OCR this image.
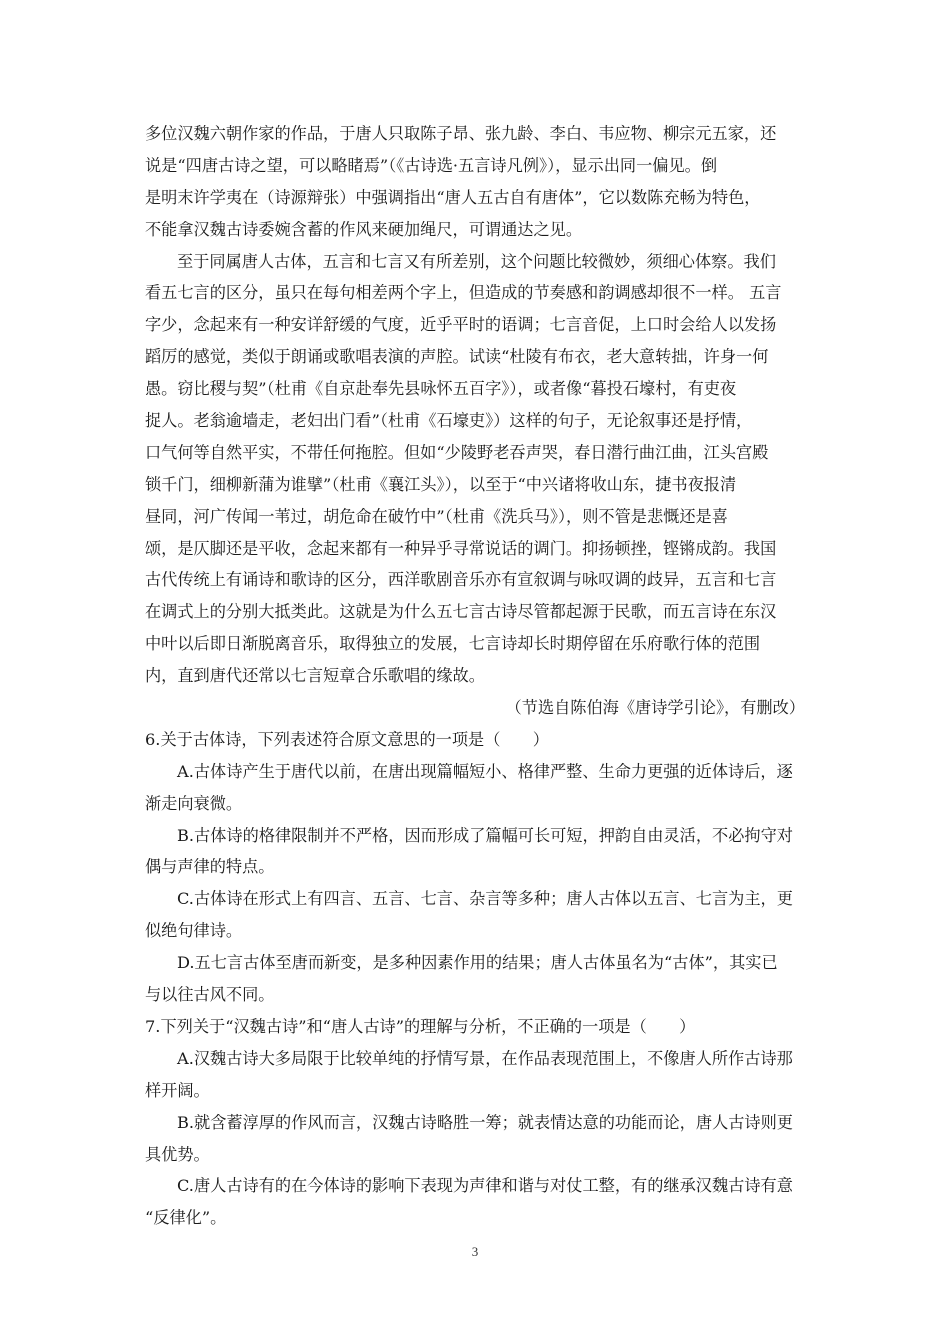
多位汉魏六朝作家的作品，于唐人只取陈子昂、张九龄、李白、韦应物、柳宗元五家，还
说是“四唐古诗之望，可以略睹焉”（《古诗选·五言诗凡例》），显示出同一偏见。倒
是明末许学夷在（诗源辩张）中强调指出“唐人五古自有唐体”，它以数陈充畅为特色，
不能拿汉魏古诗委婉含蓄的作风来硬加绳尺，可谓通达之见。
至于同属唐人古体，五言和七言又有所差别，这个问题比较微妙，须细心体察。我们
看五七言的区分，虽只在每句相差两个字上，但造成的节奏感和韵调感却很不一样。 五言
字少，念起来有一种安详舒缓的气度，近乎平时的语调；七言音促，上口时会给人以发扬
蹈厉的感觉，类似于朗诵或歌唱表演的声腔。试读“杜陵有布衣，老大意转拙，许身一何
愚。窃比稷与契”（杜甫《自京赴奉先县咏怀五百字》），或者像“暮投石壕村，有吏夜
捉人。老翁逾墙走，老妇出门看”（杜甫《石壕吏》）这样的句子，无论叙事还是抒情，
口气何等自然平实，不带任何拖腔。但如“少陵野老吞声哭，春日潜行曲江曲，江头宫殿
锁千门，细柳新蒲为谁擘”（杜甫《襄江头》），以至于“中兴诸将收山东，捷书夜报清
昼同，河广传闻一苇过，胡危命在破竹中”（杜甫《洗兵马》），则不管是悲慨还是喜
颂，是仄脚还是平收，念起来都有一种异乎寻常说话的调门。抑扬顿挫，铿锵成韵。我国
古代传统上有诵诗和歌诗的区分，西洋歌剧音乐亦有宣叙调与咏叹调的歧异，五言和七言
在调式上的分别大抵类此。这就是为什么五七言古诗尽管都起源于民歌，而五言诗在东汉
中叶以后即日渐脱离音乐，取得独立的发展，七言诗却长时期停留在乐府歌行体的范围
内，直到唐代还常以七言短章合乐歌唱的缘故。
（节选自陈伯海《唐诗学引论》，有删改）
6.关于古体诗，下列表述符合原文意思的一项是（　　）
A.古体诗产生于唐代以前，在唐出现篇幅短小、格律严整、生命力更强的近体诗后，逐
渐走向衰微。
B.古体诗的格律限制并不严格，因而形成了篇幅可长可短，押韵自由灵活，不必拘守对
偶与声律的特点。
C.古体诗在形式上有四言、五言、七言、杂言等多种；唐人古体以五言、七言为主，更
似绝句律诗。
D.五七言古体至唐而新变，是多种因素作用的结果；唐人古体虽名为“古体”，其实已
与以往古风不同。
7.下列关于“汉魏古诗”和“唐人古诗”的理解与分析，不正确的一项是（　　）
A.汉魏古诗大多局限于比较单纯的抒情写景，在作品表现范围上，不像唐人所作古诗那
样开阔。
B.就含蓄淳厚的作风而言，汉魏古诗略胜一筹；就表情达意的功能而论，唐人古诗则更
具优势。
C.唐人古诗有的在今体诗的影响下表现为声律和谐与对仗工整，有的继承汉魏古诗有意
“反律化”。
3
